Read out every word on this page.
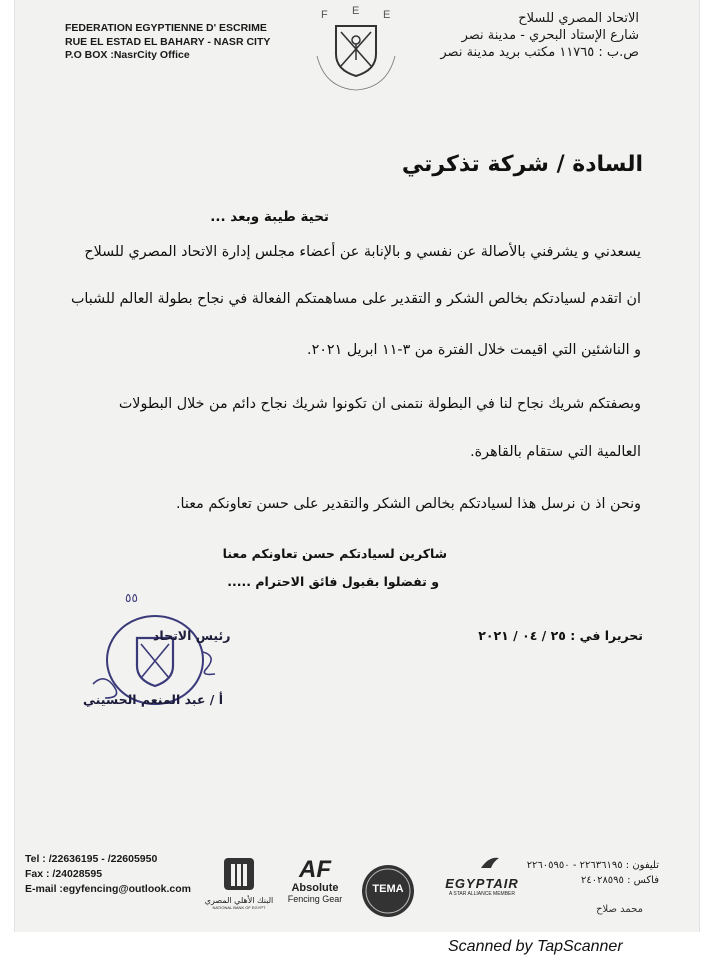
FEDERATION EGYPTIENNE D' ESCRIME
RUE EL ESTAD EL BAHARY - NASR CITY
P.O BOX :NasrCity Office
F E E	الاتحاد المصري للسلاح
شارع الإستاد البحري - مدينة نصر
ص.ب : ١١٧٦٥ مكتب بريد مدينة نصر
السادة / شركة تذكرتي
تحية طيبة وبعد ...
يسعدني و يشرفني بالأصالة عن نفسي و بالإنابة عن أعضاء مجلس إدارة الاتحاد المصري للسلاح
ان اتقدم لسيادتكم بخالص الشكر و التقدير على مساهمتكم الفعالة في نجاح بطولة العالم للشباب
و الناشئين التي اقيمت خلال الفترة من ٣-١١ ابريل ٢٠٢١.
وبصفتكم شريك نجاح لنا في البطولة نتمنى ان تكونوا شريك نجاح دائم من خلال البطولات
العالمية التي ستقام بالقاهرة.
ونحن اذ ن نرسل هذا لسيادتكم بخالص الشكر والتقدير على حسن تعاونكم معنا.
شاكرين لسيادتكم حسن تعاونكم معنا
و تفضلوا بقبول فائق الاحترام .....
تحريرا في : ٢٥ / ٠٤ / ٢٠٢١
٥٥
رئيس الاتحاد
أ / عبد المنعم الحسيني
Tel : /22636195 - /22605950
Fax : /24028595
E-mail :egyfencing@outlook.com
البنك الأهلي المصري
NATIONAL BANK OF EGYPT
AF
Absolute
Fencing Gear
TEMA	EGYPTAIR
A STAR ALLIANCE MEMBER
تليفون : ٢٢٦٣٦١٩٥ - ٢٢٦٠٥٩٥٠
فاكس : ٢٤٠٢٨٥٩٥
محمد صلاح
Scanned by TapScanner
